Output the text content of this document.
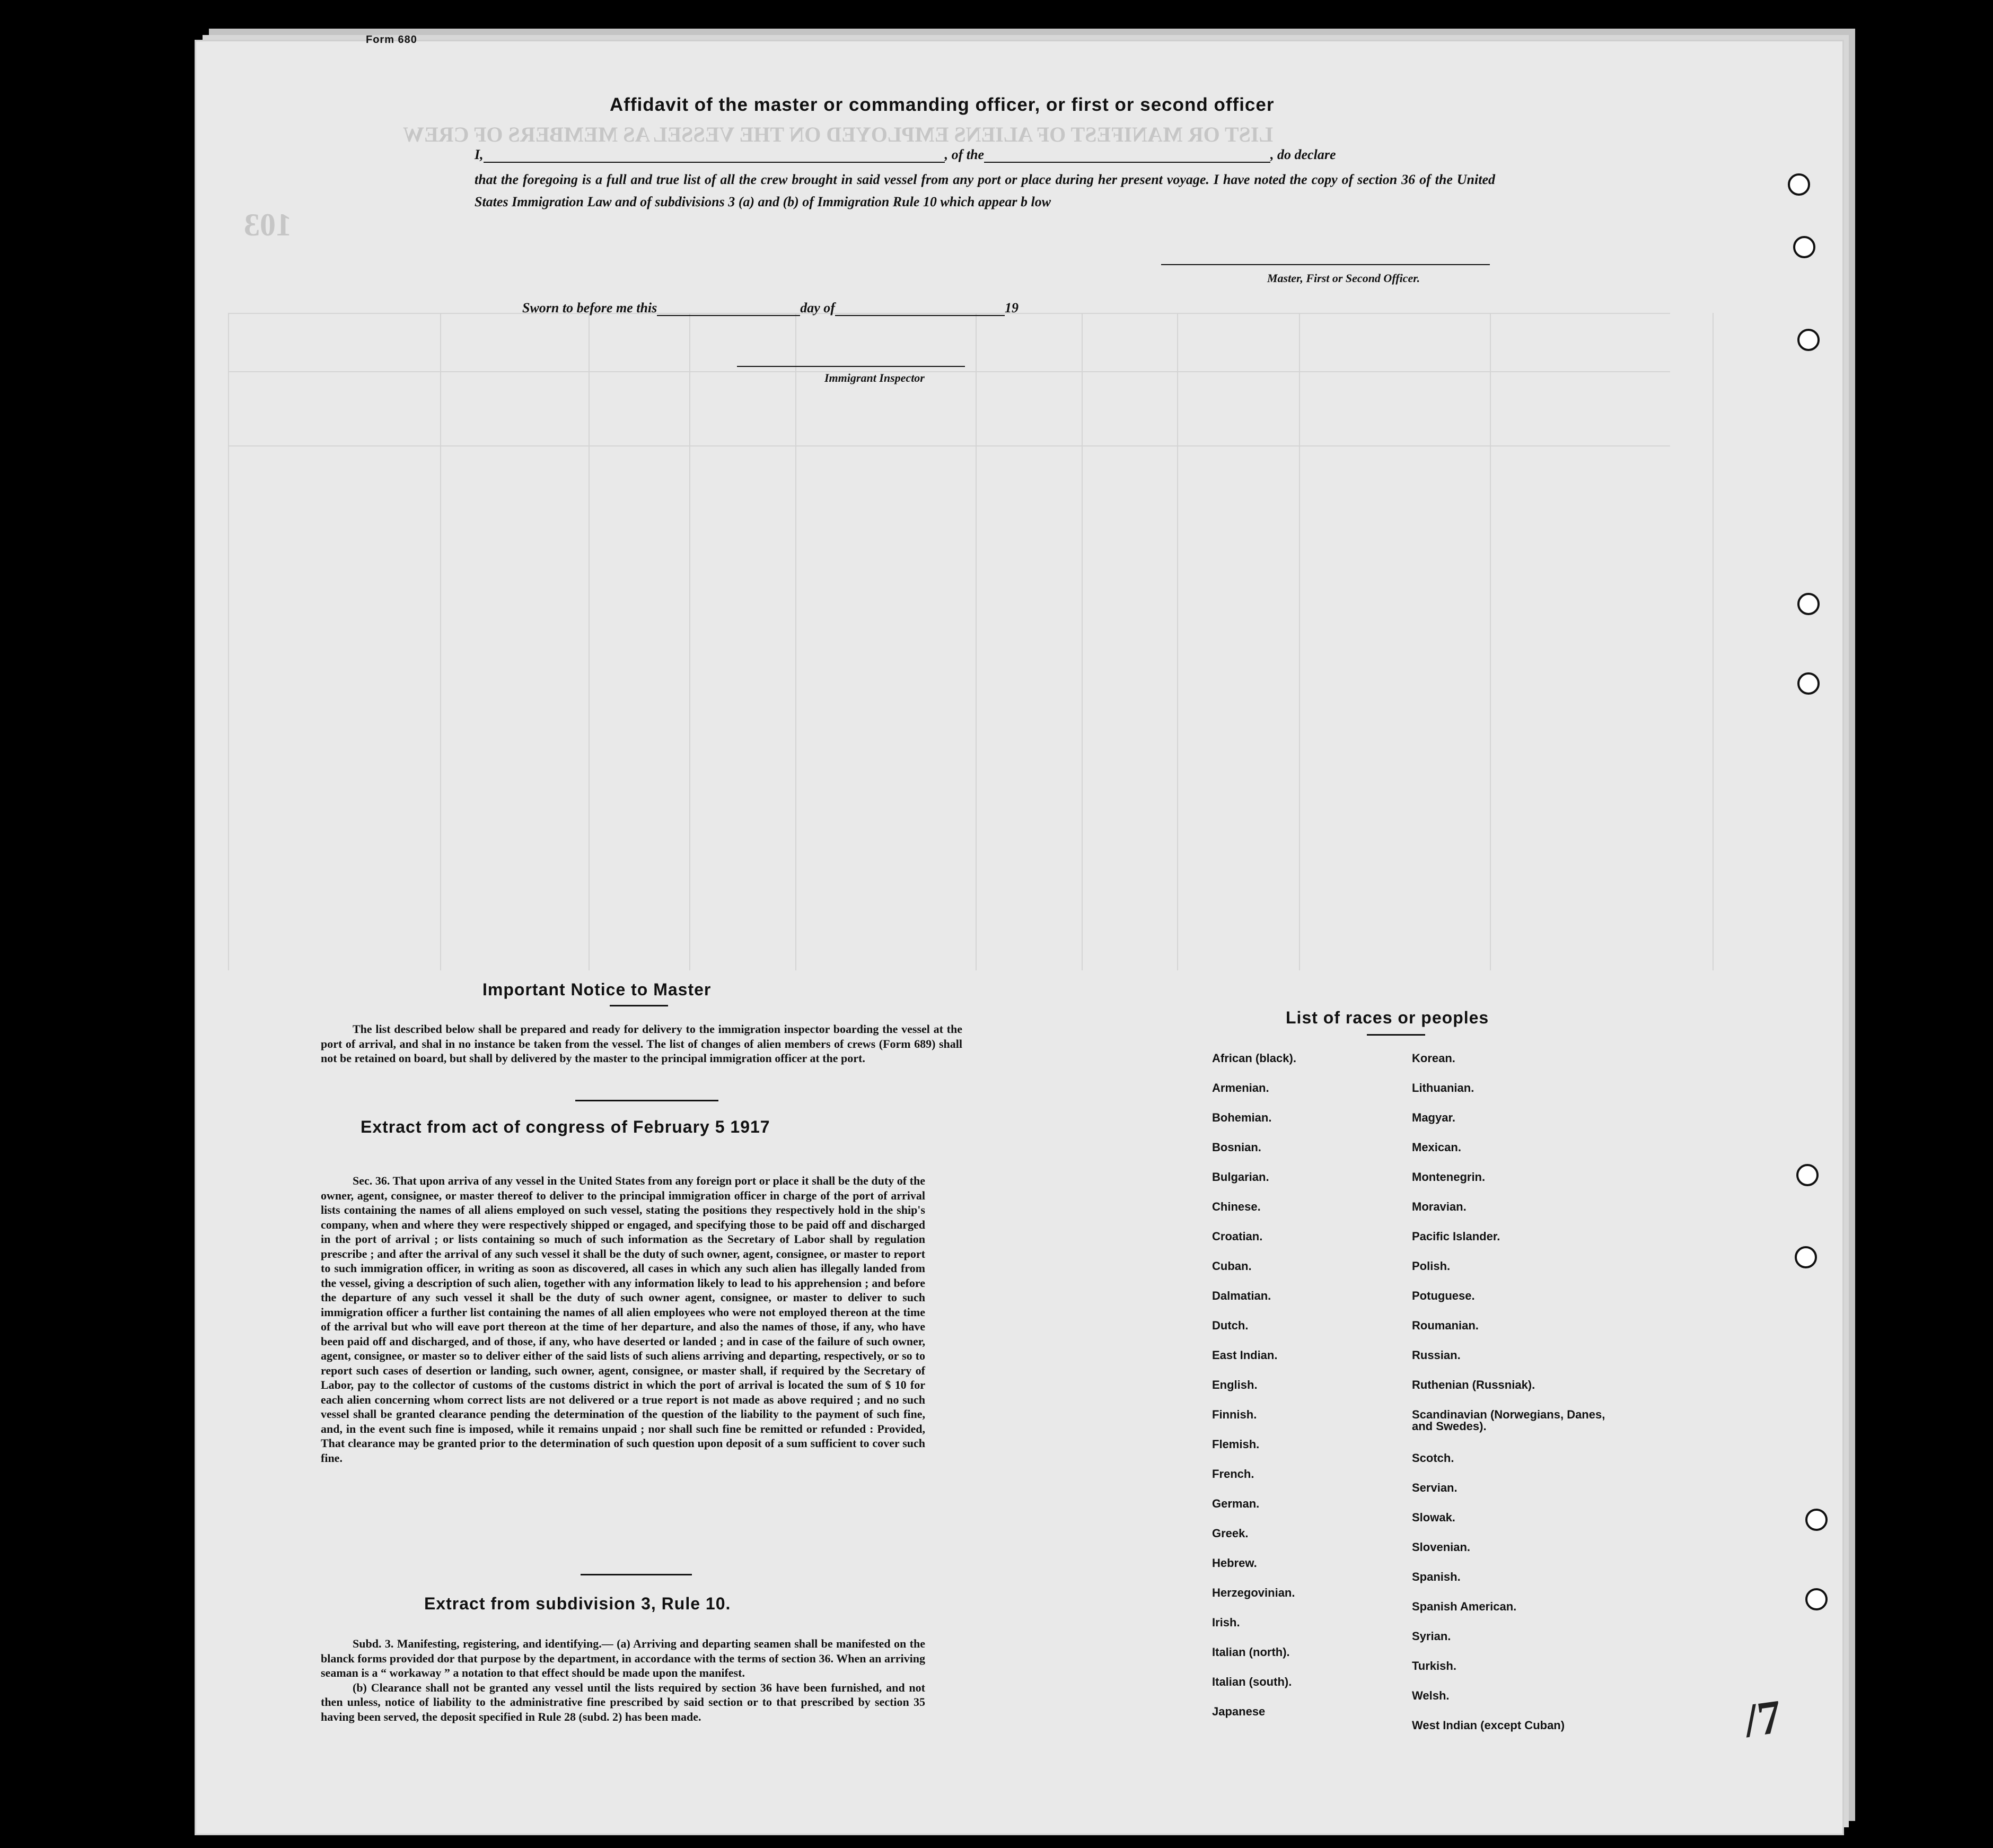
LIST OR MANIFEST OF ALIENS EMPLOYED ON THE VESSEL AS MEMBERS OF CREW
103
Form 680
Affidavit of the master or commanding officer, or first or second officer
I,	, of the	, do declare
that the foregoing is a full and true list of all the crew brought in said vessel from any port or place during her present voyage. I have noted the copy of section 36 of the United States Immigration Law and of subdivisions 3 (a) and (b) of Immigration Rule 10 which appear b low
Master, First or Second Officer.
Sworn to before me this	day of	19
Immigrant Inspector
Important Notice to Master

The list described below shall be prepared and ready for delivery to the immigration inspector boarding the vessel at the port of arrival, and shal in no instance be taken from the vessel. The list of changes of alien members of crews (Form 689) shall not be retained on board, but shall by delivered by the master to the principal immigration officer at the port.

Extract from act of congress of February 5 1917

Sec. 36. That upon arriva of any vessel in the United States from any foreign port or place it shall be the duty of the owner, agent, consignee, or master thereof to deliver to the principal immigration officer in charge of the port of arrival lists containing the names of all aliens employed on such vessel, stating the positions they respectively hold in the ship's company, when and where they were respectively shipped or engaged, and specifying those to be paid off and discharged in the port of arrival ; or lists containing so much of such information as the Secretary of Labor shall by regulation prescribe ; and after the arrival of any such vessel it shall be the duty of such owner, agent, consignee, or master to report to such immigration officer, in writing as soon as discovered, all cases in which any such alien has illegally landed from the vessel, giving a description of such alien, together with any information likely to lead to his apprehension ; and before the departure of any such vessel it shall be the duty of such owner agent, consignee, or master to deliver to such immigration officer a further list containing the names of all alien employees who were not employed thereon at the time of the arrival but who will eave port thereon at the time of her departure, and also the names of those, if any, who have been paid off and discharged, and of those, if any, who have deserted or landed ; and in case of the failure of such owner, agent, consignee, or master so to deliver either of the said lists of such aliens arriving and departing, respectively, or so to report such cases of desertion or landing, such owner, agent, consignee, or master shall, if required by the Secretary of Labor, pay to the collector of customs of the customs district in which the port of arrival is located the sum of $ 10 for each alien concerning whom correct lists are not delivered or a true report is not made as above required ; and no such vessel shall be granted clearance pending the determination of the question of the liability to the payment of such fine, and, in the event such fine is imposed, while it remains unpaid ; nor shall such fine be remitted or refunded : Provided, That clearance may be granted prior to the determination of such question upon deposit of a sum sufficient to cover such fine.

Extract from subdivision 3, Rule 10.

Subd. 3. Manifesting, registering, and identifying.— (a) Arriving and departing seamen shall be manifested on the blanck forms provided dor that purpose by the department, in accordance with the terms of section 36. When an arriving seaman is a “ workaway ” a notation to that effect should be made upon the manifest.

(b) Clearance shall not be granted any vessel until the lists required by section 36 have been furnished, and not then unless, notice of liability to the administrative fine prescribed by said section or to that prescribed by section 35 having been served, the deposit specified in Rule 28 (subd. 2) has been made.

List of races or peoples
African (black).
Armenian.
Bohemian.
Bosnian.
Bulgarian.
Chinese.
Croatian.
Cuban.
Dalmatian.
Dutch.
East Indian.
English.
Finnish.
Flemish.
French.
German.
Greek.
Hebrew.
Herzegovinian.
Irish.
Italian (north).
Italian (south).
Japanese
Korean.
Lithuanian.
Magyar.
Mexican.
Montenegrin.
Moravian.
Pacific Islander.
Polish.
Potuguese.
Roumanian.
Russian.
Ruthenian (Russniak).
Scandinavian (Norwegians, Danes, and Swedes).
Scotch.
Servian.
Slowak.
Slovenian.
Spanish.
Spanish American.
Syrian.
Turkish.
Welsh.
West Indian (except Cuban)	/7
